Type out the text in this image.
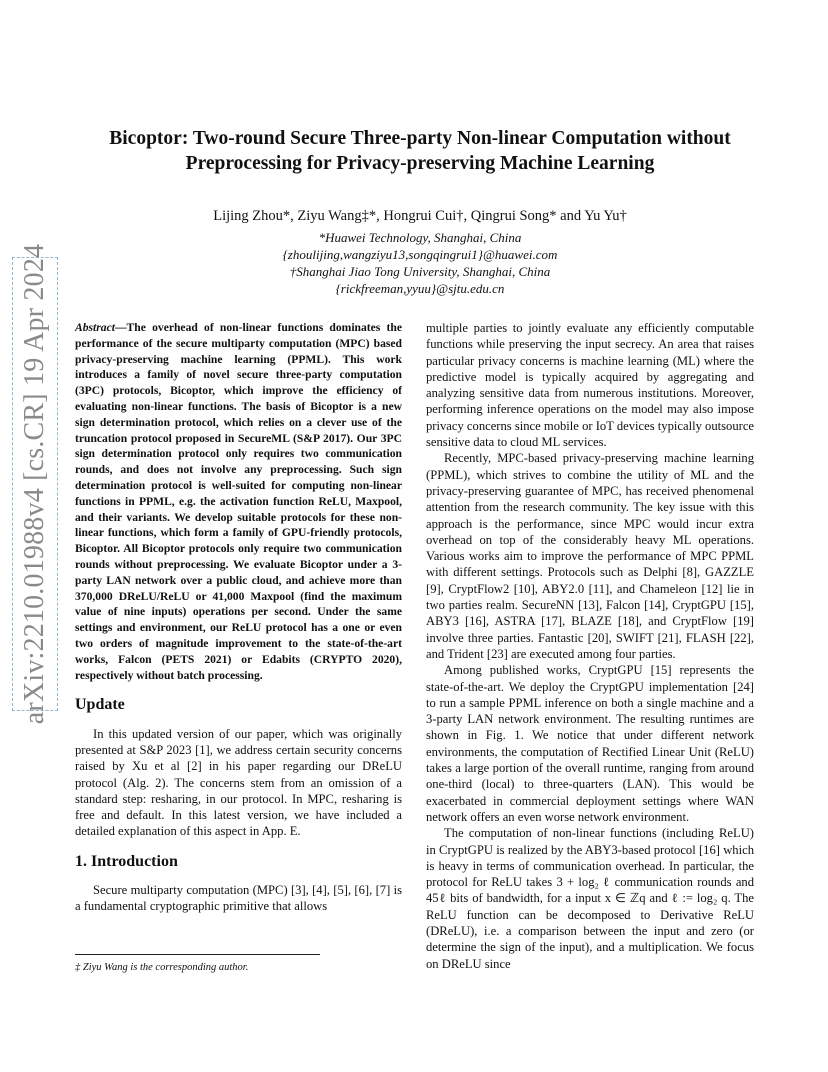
arXiv:2210.01988v4 [cs.CR] 19 Apr 2024
Bicoptor: Two-round Secure Three-party Non-linear Computation without
Preprocessing for Privacy-preserving Machine Learning
Lijing Zhou*, Ziyu Wang‡*, Hongrui Cui†, Qingrui Song* and Yu Yu†
*Huawei Technology, Shanghai, China
{zhoulijing,wangziyu13,songqingrui1}@huawei.com
†Shanghai Jiao Tong University, Shanghai, China
{rickfreeman,yyuu}@sjtu.edu.cn

Abstract—The overhead of non-linear functions dominates the performance of the secure multiparty computation (MPC) based privacy-preserving machine learning (PPML). This work introduces a family of novel secure three-party computation (3PC) protocols, Bicoptor, which improve the efficiency of evaluating non-linear functions. The basis of Bicoptor is a new sign determination protocol, which relies on a clever use of the truncation protocol proposed in SecureML (S&P 2017). Our 3PC sign determination protocol only requires two communication rounds, and does not involve any preprocessing. Such sign determination protocol is well-suited for computing non-linear functions in PPML, e.g. the activation function ReLU, Maxpool, and their variants. We develop suitable protocols for these non-linear functions, which form a family of GPU-friendly protocols, Bicoptor. All Bicoptor protocols only require two communication rounds without preprocessing. We evaluate Bicoptor under a 3-party LAN network over a public cloud, and achieve more than 370,000 DReLU/ReLU or 41,000 Maxpool (find the maximum value of nine inputs) operations per second. Under the same settings and environment, our ReLU protocol has a one or even two orders of magnitude improvement to the state-of-the-art works, Falcon (PETS 2021) or Edabits (CRYPTO 2020), respectively without batch processing.

Update

In this updated version of our paper, which was originally presented at S&P 2023 [1], we address certain security concerns raised by Xu et al [2] in his paper regarding our DReLU protocol (Alg. 2). The concerns stem from an omission of a standard step: resharing, in our protocol. In MPC, resharing is free and default. In this latest version, we have included a detailed explanation of this aspect in App. E.

1. Introduction

Secure multiparty computation (MPC) [3], [4], [5], [6], [7] is a fundamental cryptographic primitive that allows

multiple parties to jointly evaluate any efficiently computable functions while preserving the input secrecy. An area that raises particular privacy concerns is machine learning (ML) where the predictive model is typically acquired by aggregating and analyzing sensitive data from numerous institutions. Moreover, performing inference operations on the model may also impose privacy concerns since mobile or IoT devices typically outsource sensitive data to cloud ML services.

Recently, MPC-based privacy-preserving machine learning (PPML), which strives to combine the utility of ML and the privacy-preserving guarantee of MPC, has received phenomenal attention from the research community. The key issue with this approach is the performance, since MPC would incur extra overhead on top of the considerably heavy ML operations. Various works aim to improve the performance of MPC PPML with different settings. Protocols such as Delphi [8], GAZZLE [9], CryptFlow2 [10], ABY2.0 [11], and Chameleon [12] lie in two parties realm. SecureNN [13], Falcon [14], CryptGPU [15], ABY3 [16], ASTRA [17], BLAZE [18], and CryptFlow [19] involve three parties. Fantastic [20], SWIFT [21], FLASH [22], and Trident [23] are executed among four parties.

Among published works, CryptGPU [15] represents the state-of-the-art. We deploy the CryptGPU implementation [24] to run a sample PPML inference on both a single machine and a 3-party LAN network environment. The resulting runtimes are shown in Fig. 1. We notice that under different network environments, the computation of Rectified Linear Unit (ReLU) takes a large portion of the overall runtime, ranging from around one-third (local) to three-quarters (LAN). This would be exacerbated in commercial deployment settings where WAN network offers an even worse network environment.

The computation of non-linear functions (including ReLU) in CryptGPU is realized by the ABY3-based protocol [16] which is heavy in terms of communication overhead. In particular, the protocol for ReLU takes 3 + log₂ ℓ communication rounds and 45ℓ bits of bandwidth, for a input x ∈ ℤq and ℓ := log₂ q. The ReLU function can be decomposed to Derivative ReLU (DReLU), i.e. a comparison between the input and zero (or determine the sign of the input), and a multiplication. We focus on DReLU since

‡ Ziyu Wang is the corresponding author.
